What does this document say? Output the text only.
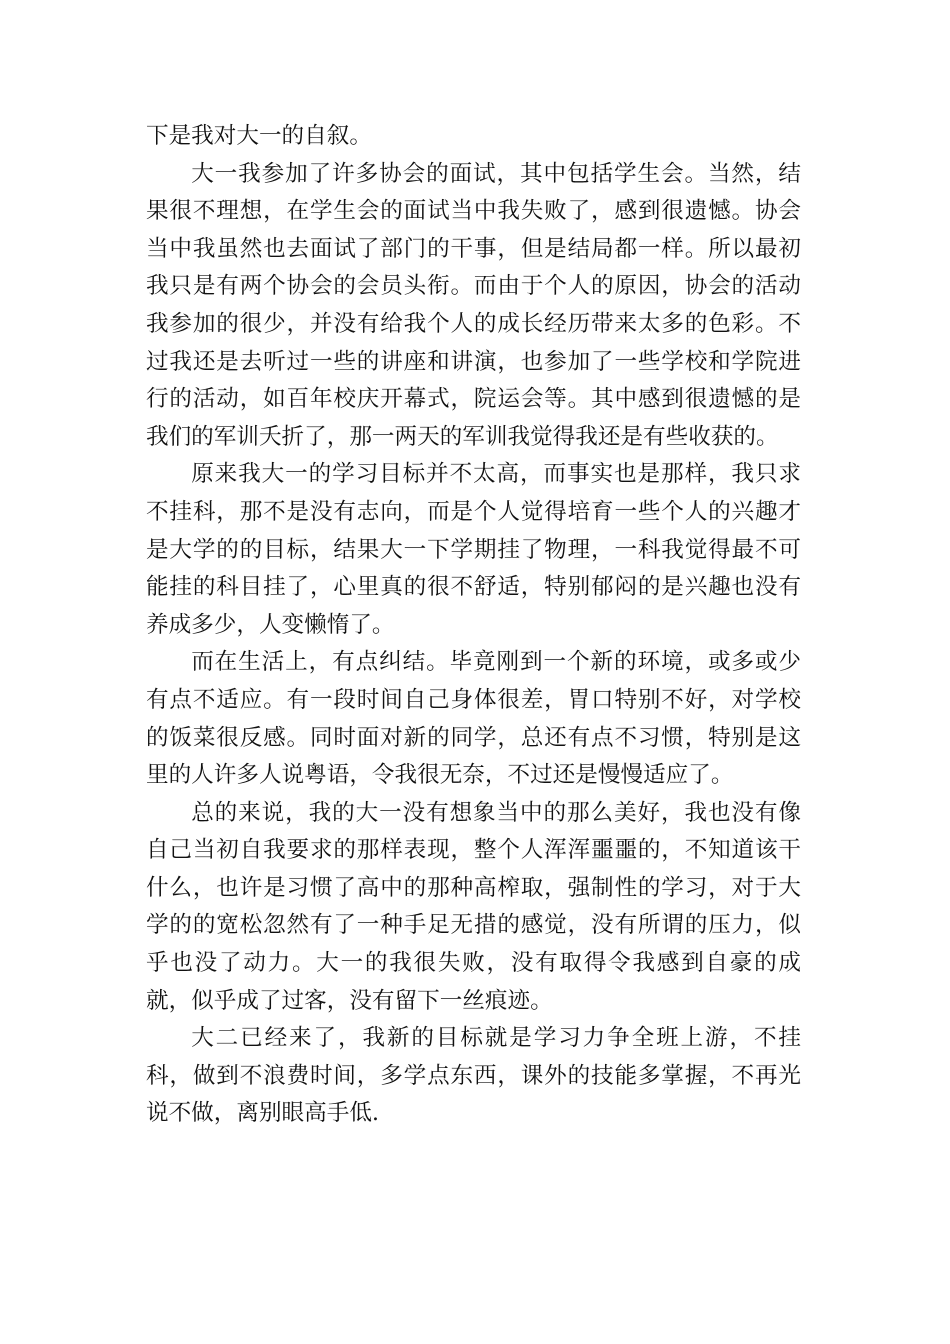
下是我对大一的自叙。

大一我参加了许多协会的面试，其中包括学生会。当然，结果很不理想，在学生会的面试当中我失败了，感到很遗憾。协会当中我虽然也去面试了部门的干事，但是结局都一样。所以最初我只是有两个协会的会员头衔。而由于个人的原因，协会的活动我参加的很少，并没有给我个人的成长经历带来太多的色彩。不过我还是去听过一些的讲座和讲演，也参加了一些学校和学院进行的活动，如百年校庆开幕式，院运会等。其中感到很遗憾的是我们的军训夭折了，那一两天的军训我觉得我还是有些收获的。

原来我大一的学习目标并不太高，而事实也是那样，我只求不挂科，那不是没有志向，而是个人觉得培育一些个人的兴趣才是大学的的目标，结果大一下学期挂了物理，一科我觉得最不可能挂的科目挂了，心里真的很不舒适，特别郁闷的是兴趣也没有养成多少，人变懒惰了。

而在生活上，有点纠结。毕竟刚到一个新的环境，或多或少有点不适应。有一段时间自己身体很差，胃口特别不好，对学校的饭菜很反感。同时面对新的同学，总还有点不习惯，特别是这里的人许多人说粤语，令我很无奈，不过还是慢慢适应了。

总的来说，我的大一没有想象当中的那么美好，我也没有像自己当初自我要求的那样表现，整个人浑浑噩噩的，不知道该干什么，也许是习惯了高中的那种高榨取，强制性的学习，对于大学的的宽松忽然有了一种手足无措的感觉，没有所谓的压力，似乎也没了动力。大一的我很失败，没有取得令我感到自豪的成就，似乎成了过客，没有留下一丝痕迹。

大二已经来了，我新的目标就是学习力争全班上游，不挂科，做到不浪费时间，多学点东西，课外的技能多掌握，不再光说不做，离别眼高手低.
